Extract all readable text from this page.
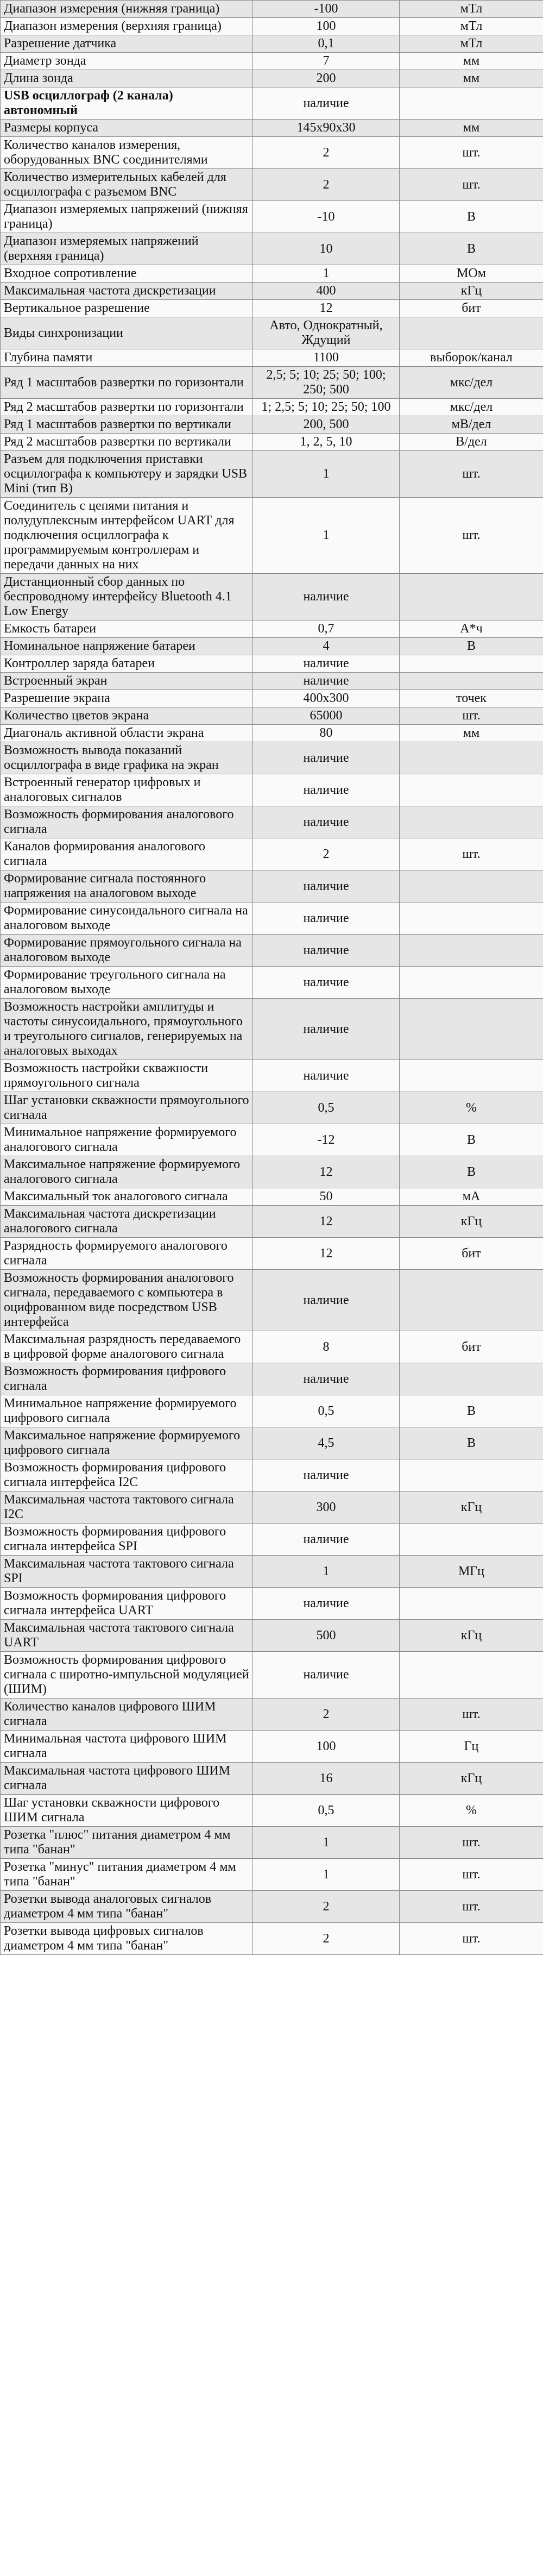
Диапазон измерения (нижняя граница)	-100	мТл
Диапазон измерения (верхняя граница)	100	мТл
Разрешение датчика	0,1	мТл
Диаметр зонда	7	мм
Длина зонда	200	мм
USB осциллограф (2 канала) автономный	наличие	
Размеры корпуса	145х90х30	мм
Количество каналов измерения, оборудованных BNC соединителями	2	шт.
Количество измерительных кабелей для осциллографа с разъемом BNC	2	шт.
Диапазон измеряемых напряжений (нижняя граница)	-10	В
Диапазон измеряемых напряжений (верхняя граница)	10	В
Входное сопротивление	1	МОм
Максимальная частота дискретизации	400	кГц
Вертикальное разрешение	12	бит
Виды синхронизации	Авто, Однократный, Ждущий	
Глубина памяти	1100	выборок/канал
Ряд 1 масштабов развертки по горизонтали	2,5; 5; 10; 25; 50; 100; 250; 500	мкс/дел
Ряд 2 масштабов развертки по горизонтали	1; 2,5; 5; 10; 25; 50; 100	мкс/дел
Ряд 1 масштабов развертки по вертикали	200, 500	мВ/дел
Ряд 2 масштабов развертки по вертикали	1, 2, 5, 10	В/дел
Разъем для подключения приставки осциллографа к компьютеру и зарядки USB Mini (тип В)	1	шт.
Соединитель с цепями питания и полудуплексным интерфейсом UART для подключения осциллографа к программируемым контроллерам и передачи данных на них	1	шт.
Дистанционный сбор данных по беспроводному интерфейсу Bluetooth 4.1 Low Energy	наличие	
Емкость батареи	0,7	А*ч
Номинальное напряжение батареи	4	В
Контроллер заряда батареи	наличие	
Встроенный экран	наличие	
Разрешение экрана	400х300	точек
Количество цветов экрана	65000	шт.
Диагональ активной области экрана	80	мм
Возможность вывода показаний осциллографа в виде графика на экран	наличие	
Встроенный генератор цифровых и аналоговых сигналов	наличие	
Возможность формирования аналогового сигнала	наличие	
Каналов формирования аналогового сигнала	2	шт.
Формирование сигнала постоянного напряжения на аналоговом выходе	наличие	
Формирование синусоидального сигнала на аналоговом выходе	наличие	
Формирование прямоугольного сигнала на аналоговом выходе	наличие	
Формирование треугольного сигнала на аналоговом выходе	наличие	
Возможность настройки амплитуды и частоты синусоидального, прямоугольного и треугольного сигналов, генерируемых на аналоговых выходах	наличие	
Возможность настройки скважности прямоугольного сигнала	наличие	
Шаг установки скважности прямоугольного сигнала	0,5	%
Минимальное напряжение формируемого аналогового сигнала	-12	В
Максимальное напряжение формируемого аналогового сигнала	12	В
Максимальный ток аналогового сигнала	50	мА
Максимальная частота дискретизации аналогового сигнала	12	кГц
Разрядность формируемого аналогового сигнала	12	бит
Возможность формирования аналогового сигнала, передаваемого с компьютера в оцифрованном виде посредством USB интерфейса	наличие	
Максимальная разрядность передаваемого в цифровой форме аналогового сигнала	8	бит
Возможность формирования цифрового сигнала	наличие	
Минимальное напряжение формируемого цифрового сигнала	0,5	В
Максимальное напряжение формируемого цифрового сигнала	4,5	В
Возможность формирования цифрового сигнала интерфейса I2C	наличие	
Максимальная частота тактового сигнала I2C	300	кГц
Возможность формирования цифрового сигнала интерфейса SPI	наличие	
Максимальная частота тактового сигнала SPI	1	МГц
Возможность формирования цифрового сигнала интерфейса UART	наличие	
Максимальная частота тактового сигнала UART	500	кГц
Возможность формирования цифрового сигнала с широтно-импульсной модуляцией (ШИМ)	наличие	
Количество каналов цифрового ШИМ сигнала	2	шт.
Минимальная частота цифрового ШИМ сигнала	100	Гц
Максимальная частота цифрового ШИМ сигнала	16	кГц
Шаг установки скважности цифрового ШИМ сигнала	0,5	%
Розетка "плюс" питания диаметром 4 мм типа "банан"	1	шт.
Розетка "минус" питания диаметром 4 мм типа "банан"	1	шт.
Розетки вывода аналоговых сигналов диаметром 4 мм типа "банан"	2	шт.
Розетки вывода цифровых сигналов диаметром 4 мм типа "банан"	2	шт.
